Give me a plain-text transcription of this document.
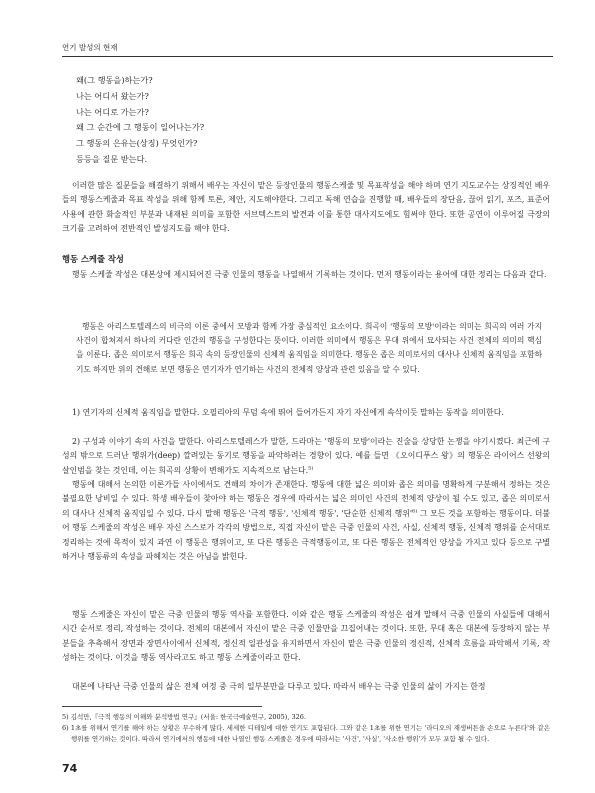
연기 발성의 현재
왜(그 행동을)하는가?
나는 어디서 왔는가?
나는 어디로 가는가?
왜 그 순간에 그 행동이 일어나는가?
그 행동의 은유는(상징) 무엇인가?
등등을 질문 받는다.

이러한 많은 질문들을 해결하기 위해서 배우는 자신이 맡은 등장인물의 행동스케줄 및 목표작성을 해야 하며 연기 지도교수는 상징적인 배우들의 행동스케줄과 목표 작성을 위해 함께 토론, 제안, 지도해야한다. 그리고 독해 연습을 진행할 때, 배우들의 장단음, 끊어 읽기, 포즈, 표준어 사용에 관한 화술적인 부분과 내재된 의미를 포함한 서브텍스트의 발견과 이를 통한 대사지도에도 힘써야 한다. 또한 공연이 이루어질 극장의 크기를 고려하여 전반적인 발성지도를 해야 한다.

행동 스케줄 작성

행동 스케줄 작성은 대본상에 제시되어진 극중 인물의 행동을 나열해서 기록하는 것이다. 먼저 행동이라는 용어에 대한 정리는 다음과 같다.

행동은 아리스토텔레스의 비극의 이론 중에서 모방과 함께 가장 중심적인 요소이다. 희곡이 '행동의 모방'이라는 의미는 희곡의 여러 가지 사건이 합쳐져서 하나의 커다란 인간의 행동을 구성한다는 뜻이다. 이러한 의미에서 행동은 무대 위에서 묘사되는 사건 전체의 의미의 핵심을 이룬다. 좁은 의미로서 행동은 희곡 속의 등장인물의 신체적 움직임을 의미한다. 행동은 좁은 의미로서의 대사나 신체적 움직임을 포함하기도 하지만 위의 견해로 보면 행동은 연기자가 연기하는 사건의 전체적 양상과 관련 있음을 알 수 있다.

1) 연기자의 신체적 움직임을 말한다. 오필리아의 무덤 속에 뛰어 들어가든지 자기 자신에게 속삭이듯 말하는 동작을 의미한다.

2) 구성과 이야기 속의 사건을 말한다. 아리스토텔레스가 말한, 드라마는 '행동의 모방'이라는 진술을 상당한 논쟁을 야기시켰다. 최근에 구성의 밖으로 드러난 행위가(deep) 깔려있는 동기로 행동을 파악하려는 경향이 있다. 예를 들면 《오이디푸스 왕》의 행동은 라이어스 선왕의 살인범을 찾는 것인데, 이는 희곡의 상황이 변해가도 지속적으로 남는다.$^{5)}$

행동에 대해서 논의한 이론가들 사이에서도 견해의 차이가 존재한다. 행동에 대한 넓은 의미와 좁은 의미를 명확하게 구분해서 정하는 것은 불필요한 낭비일 수 있다. 학생 배우들이 찾아야 하는 행동은 경우에 따라서는 넓은 의미인 사건의 전체적 양상이 될 수도 있고, 좁은 의미로서의 대사나 신체적 움직임일 수 있다. 다시 말해 행동은 '극적 행동', '신체적 행동', '단순한 신체적 행위'$^{6)}$ 그 모든 것을 포함하는 행동이다. 더불어 행동 스케줄의 작성은 배우 자신 스스로가 각각의 방법으로, 직접 자신이 맡은 극중 인물의 사건, 사실, 신체적 행동, 신체적 행위를 순서대로 정리하는 것에 목적이 있지 과연 이 행동은 행위이고, 또 다른 행동은 극적행동이고, 또 다른 행동은 전체적인 양상을 가지고 있다 등으로 구별하거나 행동류의 속성을 파헤치는 것은 아님을 밝힌다.

행동 스케줄은 자신이 맡은 극중 인물의 행동 역사를 포함한다. 이와 같은 행동 스케줄의 작성은 쉽게 말해서 극중 인물의 사실들에 대해서 시간 순서로 정리, 작성하는 것이다. 전체의 대본에서 자신이 맡은 극중 인물만을 끄집어내는 것이다. 또한, 무대 혹은 대본에 등장하지 않는 부분들을 추측해서 장면과 장면사이에서 신체적, 정신적 일관성을 유지하면서 자신이 맡은 극중 인물의 정신적, 신체적 흐름을 파악해서 기록, 작성하는 것이다. 이것을 행동 역사라고도 하고 행동 스케줄이라고 한다.

대본에 나타난 극중 인물의 삶은 전체 여정 중 극히 일부분만을 다루고 있다. 따라서 배우는 극중 인물의 삶이 가지는 한정

5) 김석만,『극적 행동의 이해와 분석방법 연구』(서울: 한국극예술연구, 2005), 326.

6) 1초를 위해서 연기를 해야 하는 상황은 무수하게 많다. 세세한 디테일에 대한 연기도 포함된다. 그와 같은 1초를 위한 연기는 '라디오의 재생버튼을 손으로 누른다'와 같은 행위를 연기하는 것이다. 따라서 연기에서의 행동에 대한 나열인 행동 스케줄은 경우에 따라서는 '사건', '사실', '사소한 행위'가 모두 포함 될 수 있다.

74
